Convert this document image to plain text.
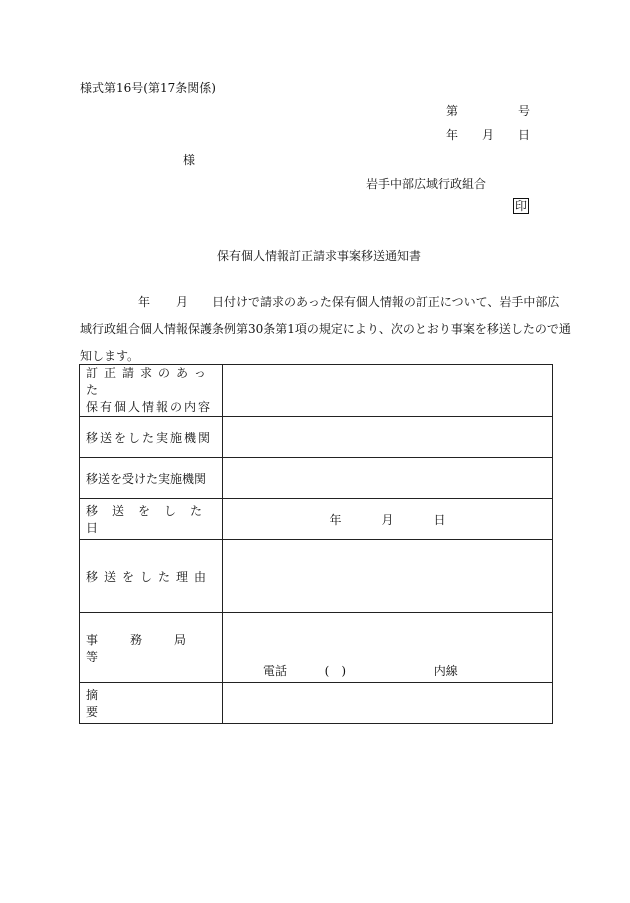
様式第16号(第17条関係)
第	号
年 月 日
様
岩手中部広域行政組合
印
保有個人情報訂正請求事案移送通知書
年 月 日付けで請求のあった保有個人情報の訂正について、岩手中部広
域行政組合個人情報保護条例第30条第1項の規定により、次のとおり事案を移送したので通
知します。
訂正請求のあった
保有個人情報の内容	

移送をした実施機関	

移送を受けた実施機関	

移送をした日	年 月 日

移送をした理由	

事務局等	電話 (　) 内線

摘要	
